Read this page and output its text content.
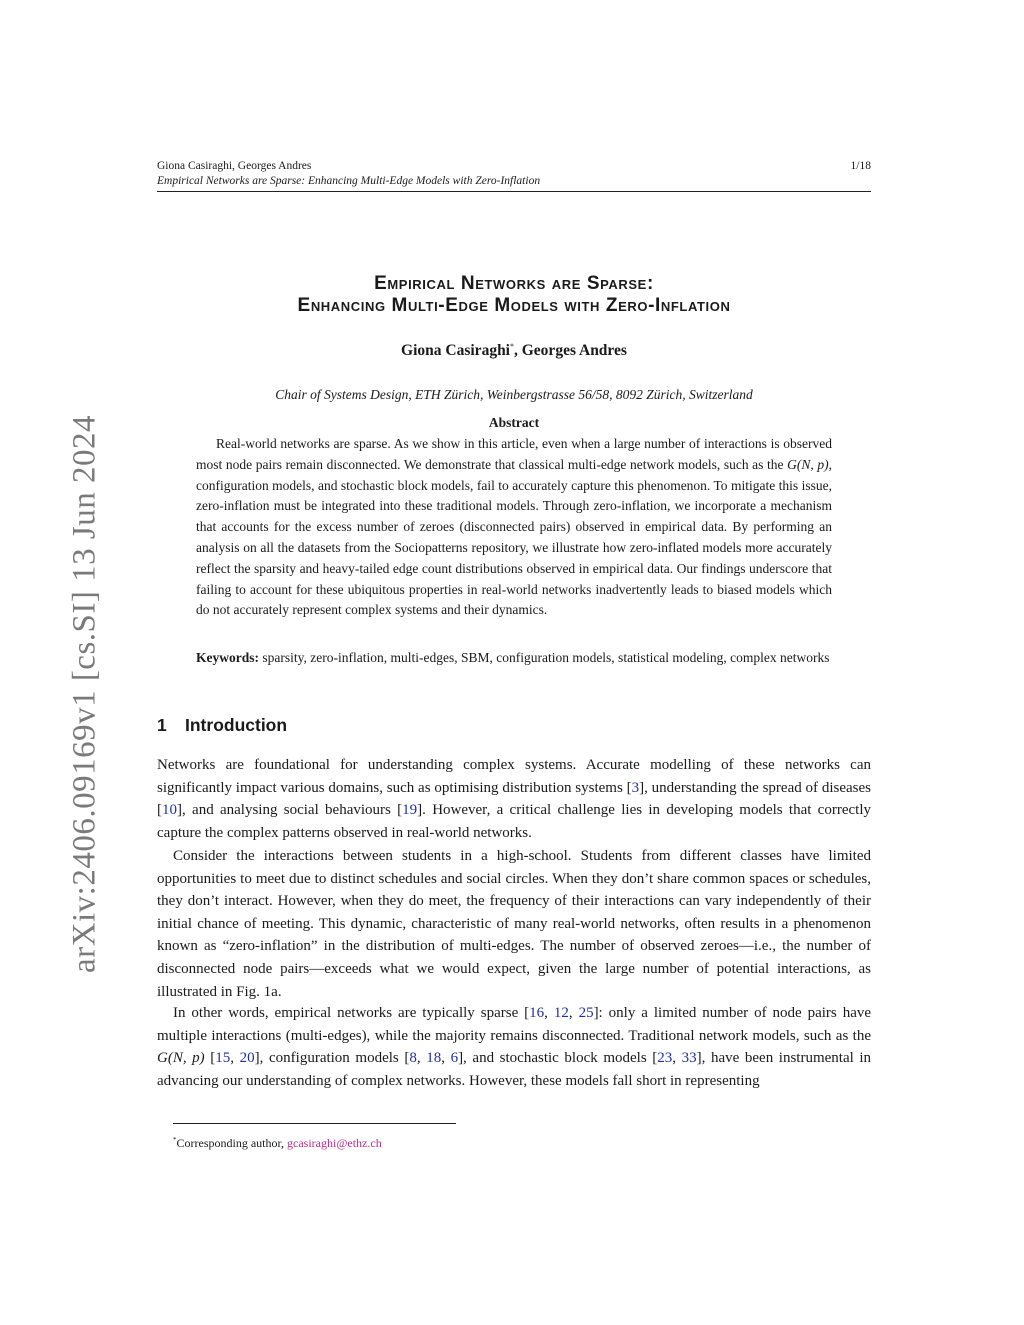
Giona Casiraghi, Georges Andres	1/18
Empirical Networks are Sparse: Enhancing Multi-Edge Models with Zero-Inflation
arXiv:2406.09169v1 [cs.SI] 13 Jun 2024
Empirical Networks are Sparse:
Enhancing Multi-Edge Models with Zero-Inflation
Giona Casiraghi*, Georges Andres
Chair of Systems Design, ETH Zürich, Weinbergstrasse 56/58, 8092 Zürich, Switzerland
Abstract
Real-world networks are sparse. As we show in this article, even when a large number of interactions is observed most node pairs remain disconnected. We demonstrate that classical multi-edge network models, such as the G(N, p), configuration models, and stochastic block models, fail to accurately capture this phenomenon. To mitigate this issue, zero-inflation must be integrated into these traditional models. Through zero-inflation, we incorporate a mechanism that accounts for the excess number of zeroes (disconnected pairs) observed in empirical data. By performing an analysis on all the datasets from the Sociopatterns repository, we illustrate how zero-inflated models more accurately reflect the sparsity and heavy-tailed edge count distributions observed in empirical data. Our findings underscore that failing to account for these ubiquitous properties in real-world networks inadvertently leads to biased models which do not accurately represent complex systems and their dynamics.
Keywords: sparsity, zero-inflation, multi-edges, SBM, configuration models, statistical modeling, complex networks
1 Introduction
Networks are foundational for understanding complex systems. Accurate modelling of these networks can significantly impact various domains, such as optimising distribution systems [3], understanding the spread of diseases [10], and analysing social behaviours [19]. However, a critical challenge lies in developing models that correctly capture the complex patterns observed in real-world networks.
Consider the interactions between students in a high-school. Students from different classes have limited opportunities to meet due to distinct schedules and social circles. When they don’t share common spaces or schedules, they don’t interact. However, when they do meet, the frequency of their interactions can vary independently of their initial chance of meeting. This dynamic, characteristic of many real-world networks, often results in a phenomenon known as “zero-inflation” in the distribution of multi-edges. The number of observed zeroes—i.e., the number of disconnected node pairs—exceeds what we would expect, given the large number of potential interactions, as illustrated in Fig. 1a.
In other words, empirical networks are typically sparse [16, 12, 25]: only a limited number of node pairs have multiple interactions (multi-edges), while the majority remains disconnected. Traditional network models, such as the G(N, p) [15, 20], configuration models [8, 18, 6], and stochastic block models [23, 33], have been instrumental in advancing our understanding of complex networks. However, these models fall short in representing
*Corresponding author, gcasiraghi@ethz.ch
